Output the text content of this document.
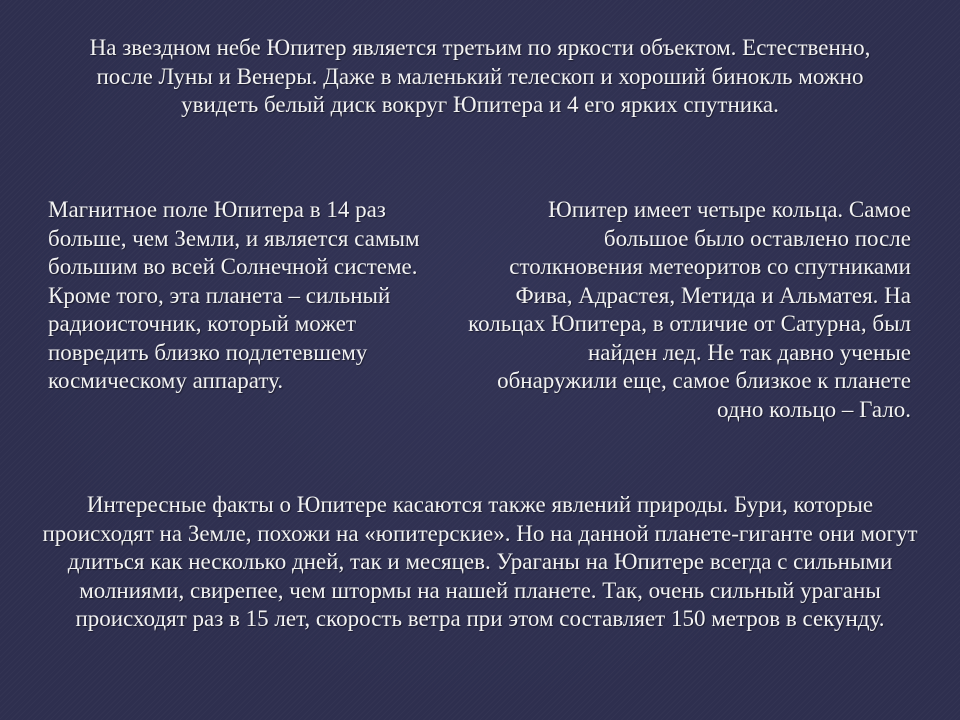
На звездном небе Юпитер является третьим по яркости объектом. Естественно, после Луны и Венеры. Даже в маленький телескоп и хороший бинокль можно увидеть белый диск вокруг Юпитера и 4 его ярких спутника.

Магнитное поле Юпитера в 14 раз больше, чем Земли, и является самым большим во всей Солнечной системе. Кроме того, эта планета – сильный радиоисточник, который может повредить близко подлетевшему космическому аппарату.

Юпитер имеет четыре кольца. Самое большое было оставлено после столкновения метеоритов со спутниками Фива, Адрастея, Метида и Альматея. На кольцах Юпитера, в отличие от Сатурна, был найден лед. Не так давно ученые обнаружили еще, самое близкое к планете одно кольцо – Гало.

Интересные факты о Юпитере касаются также явлений природы. Бури, которые происходят на Земле, похожи на «юпитерские». Но на данной планете-гиганте они могут длиться как несколько дней, так и месяцев. Ураганы на Юпитере всегда с сильными молниями, свирепее, чем штормы на нашей планете. Так, очень сильный ураганы происходят раз в 15 лет, скорость ветра при этом составляет 150 метров в секунду.
